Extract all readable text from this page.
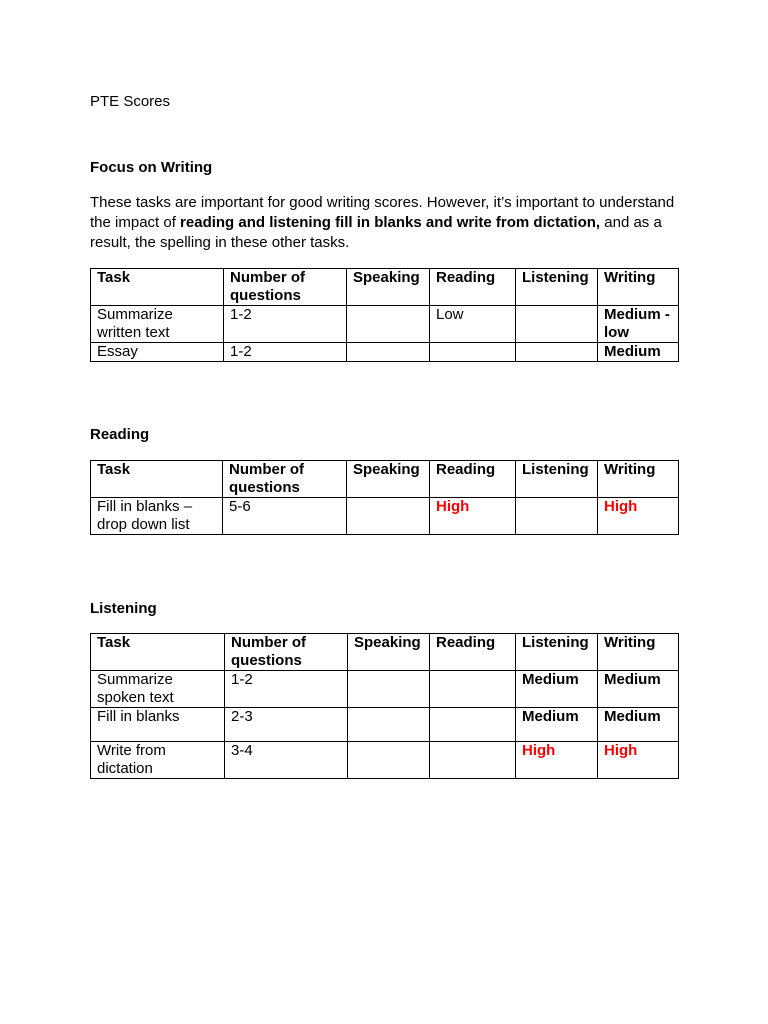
PTE Scores
Focus on Writing
These tasks are important for good writing scores. However, it’s important to understand the impact of reading and listening fill in blanks and write from dictation, and as a result, the spelling in these other tasks.
Task	Number of questions	Speaking	Reading	Listening	Writing
Summarize written text	1-2		Low		Medium - low
Essay	1-2				Medium
Reading
Task	Number of questions	Speaking	Reading	Listening	Writing
Fill in blanks – drop down list	5-6		High		High
Listening
Task	Number of questions	Speaking	Reading	Listening	Writing
Summarize spoken text	1-2			Medium	Medium
Fill in blanks	2-3			Medium	Medium
Write from dictation	3-4			High	High
